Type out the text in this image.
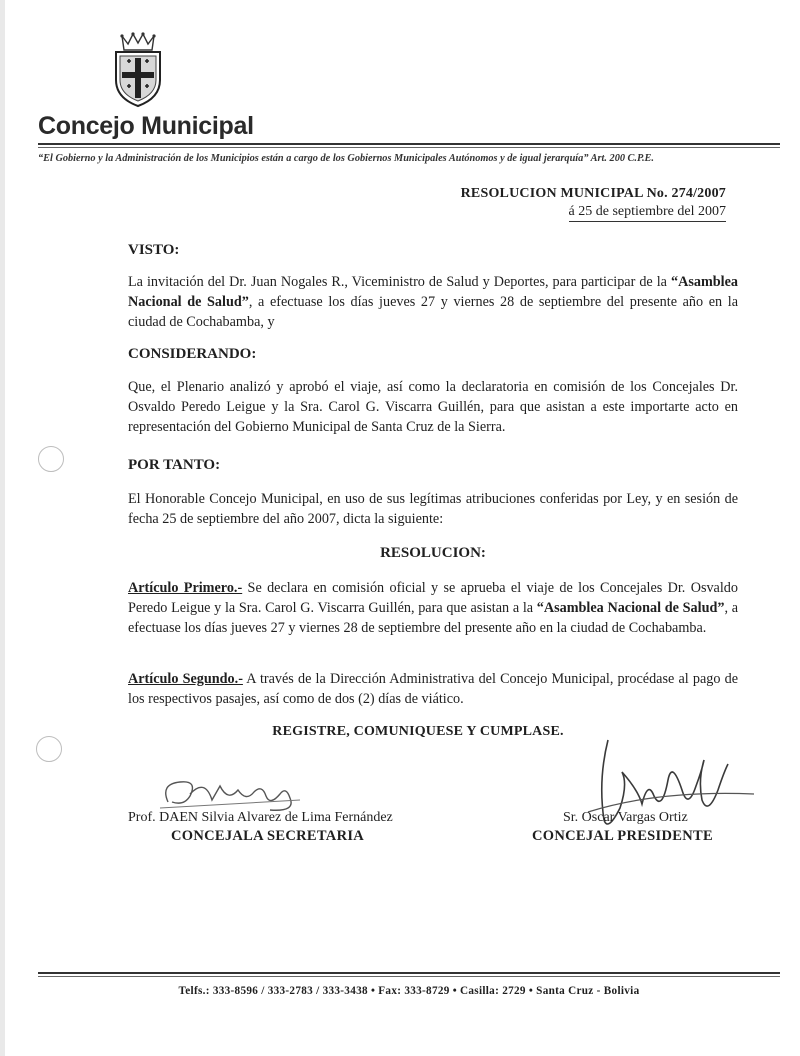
Concejo Municipal
“El Gobierno y la Administración de los Municipios están a cargo de los Gobiernos Municipales Autónomos y de igual jerarquía” Art. 200 C.P.E.
RESOLUCION MUNICIPAL No. 274/2007
á 25 de septiembre del 2007
VISTO:
La invitación del Dr. Juan Nogales R., Viceministro de Salud y Deportes, para participar de la “Asamblea Nacional de Salud”, a efectuase los días jueves 27 y viernes 28 de septiembre del presente año en la ciudad de Cochabamba, y
CONSIDERANDO:
Que, el Plenario analizó y aprobó el viaje, así como la declaratoria en comisión de los Concejales Dr. Osvaldo Peredo Leigue y la Sra. Carol G. Viscarra Guillén, para que asistan a este importarte acto en representación del Gobierno Municipal de Santa Cruz de la Sierra.
POR TANTO:
El Honorable Concejo Municipal, en uso de sus legítimas atribuciones conferidas por Ley, y en sesión de fecha 25 de septiembre del año 2007, dicta la siguiente:
RESOLUCION:
Artículo Primero.- Se declara en comisión oficial y se aprueba el viaje de los Concejales Dr. Osvaldo Peredo Leigue y la Sra. Carol G. Viscarra Guillén, para que asistan a la “Asamblea Nacional de Salud”, a efectuase los días jueves 27 y viernes 28 de septiembre del presente año en la ciudad de Cochabamba.
Artículo Segundo.- A través de la Dirección Administrativa del Concejo Municipal, procédase al pago de los respectivos pasajes, así como de dos (2) días de viático.
REGISTRE, COMUNIQUESE Y CUMPLASE.
Prof. DAEN Silvia Alvarez de Lima Fernández
CONCEJALA SECRETARIA
Sr. Oscar Vargas Ortiz
CONCEJAL PRESIDENTE
Telfs.: 333-8596 / 333-2783 / 333-3438 • Fax: 333-8729 • Casilla: 2729 • Santa Cruz - Bolivia
